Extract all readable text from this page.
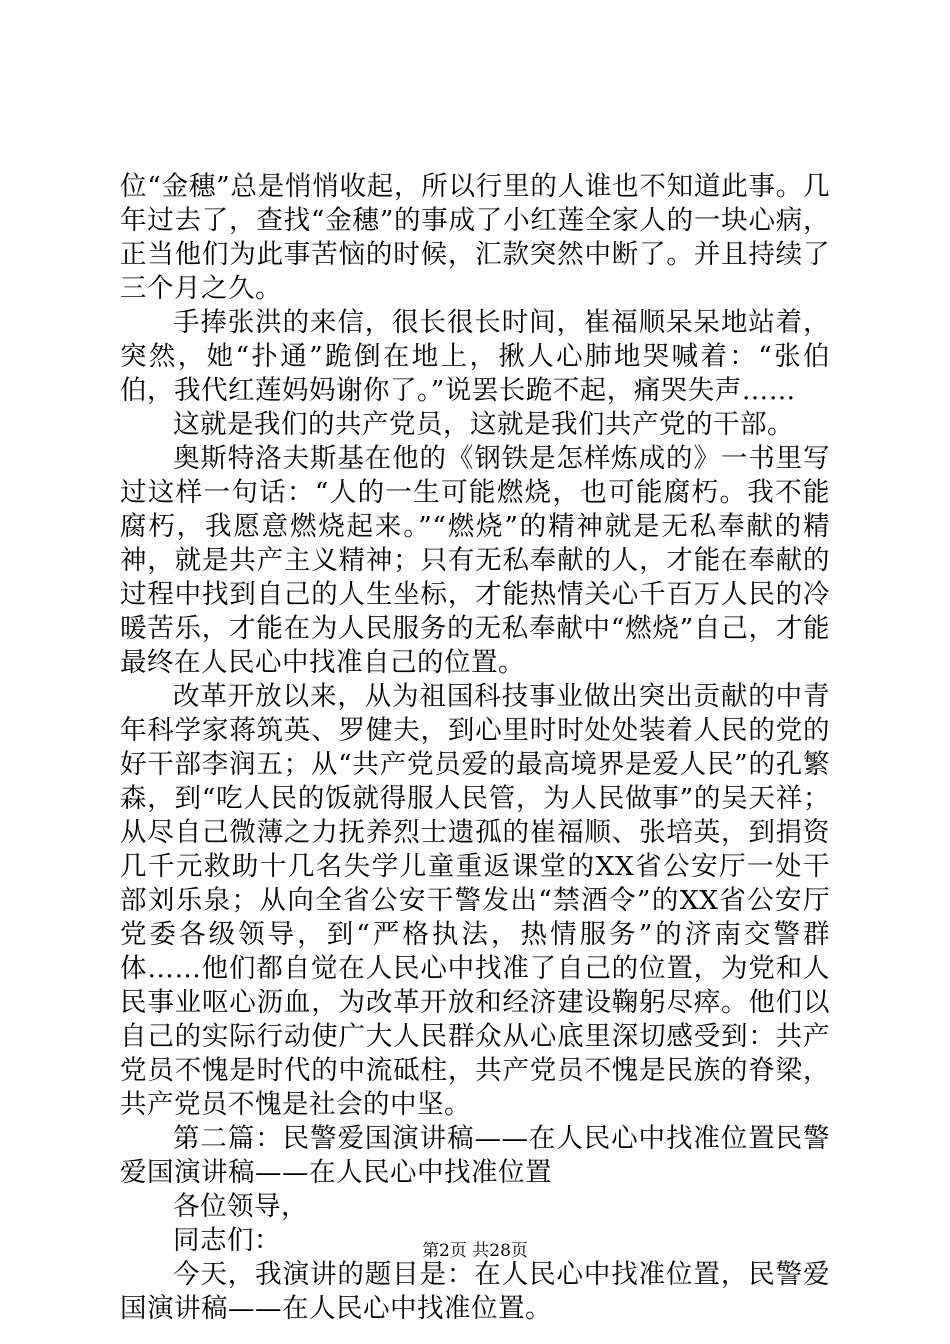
位“金穗”总是悄悄收起，所以行里的人谁也不知道此事。几年过去了，查找“金穗”的事成了小红莲全家人的一块心病，正当他们为此事苦恼的时候，汇款突然中断了。并且持续了三个月之久。

手捧张洪的来信，很长很长时间，崔福顺呆呆地站着，突然，她“扑通”跪倒在地上，揪人心肺地哭喊着：“张伯伯，我代红莲妈妈谢你了。”说罢长跪不起，痛哭失声……

这就是我们的共产党员，这就是我们共产党的干部。

奥斯特洛夫斯基在他的《钢铁是怎样炼成的》一书里写过这样一句话：“人的一生可能燃烧，也可能腐朽。我不能腐朽，我愿意燃烧起来。”“燃烧”的精神就是无私奉献的精神，就是共产主义精神；只有无私奉献的人，才能在奉献的过程中找到自己的人生坐标，才能热情关心千百万人民的冷暖苦乐，才能在为人民服务的无私奉献中“燃烧”自己，才能最终在人民心中找准自己的位置。

改革开放以来，从为祖国科技事业做出突出贡献的中青年科学家蒋筑英、罗健夫，到心里时时处处装着人民的党的好干部李润五；从“共产党员爱的最高境界是爱人民”的孔繁森，到“吃人民的饭就得服人民管，为人民做事”的吴天祥；从尽自己微薄之力抚养烈士遗孤的崔福顺、张培英，到捐资几千元救助十几名失学儿童重返课堂的XX省公安厅一处干部刘乐泉；从向全省公安干警发出“禁酒令”的XX省公安厅党委各级领导，到“严格执法，热情服务”的济南交警群体……他们都自觉在人民心中找准了自己的位置，为党和人民事业呕心沥血，为改革开放和经济建设鞠躬尽瘁。他们以自己的实际行动使广大人民群众从心底里深切感受到：共产党员不愧是时代的中流砥柱，共产党员不愧是民族的脊梁，共产党员不愧是社会的中坚。

第二篇：民警爱国演讲稿——在人民心中找准位置民警爱国演讲稿——在人民心中找准位置

各位领导，

同志们：

今天，我演讲的题目是：在人民心中找准位置，民警爱国演讲稿——在人民心中找准位置。

第2页 共28页
